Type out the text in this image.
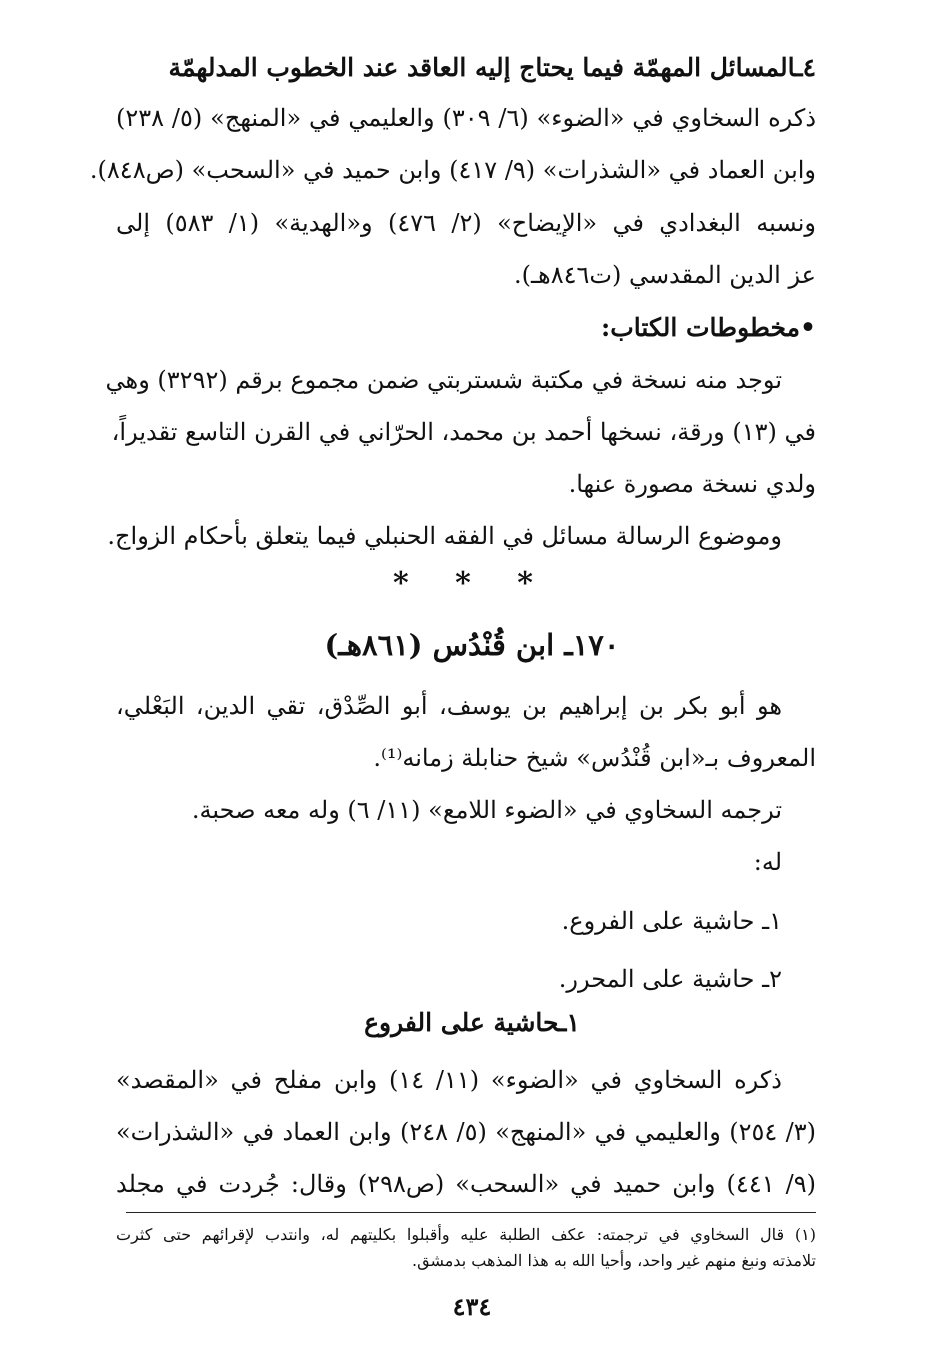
٤ـالمسائل المهمّة فيما يحتاج إليه العاقد عند الخطوب المدلهمّة
ذكره السخاوي في «الضوء» (٦/ ٣٠٩) والعليمي في «المنهج» (٥/ ٢٣٨)
وابن العماد في «الشذرات» (٩/ ٤١٧) وابن حميد في «السحب» (ص٨٤٨).
ونسبه البغدادي في «الإيضاح» (٢/ ٤٧٦) و«الهدية» (١/ ٥٨٣) إلى
عز الدين المقدسي (ت٨٤٦هـ).
•مخطوطات الكتاب:
توجد منه نسخة في مكتبة شستربتي ضمن مجموع برقم (٣٢٩٢) وهي
في (١٣) ورقة، نسخها أحمد بن محمد، الحرّاني في القرن التاسع تقديراً،
ولدي نسخة مصورة عنها.
وموضوع الرسالة مسائل في الفقه الحنبلي فيما يتعلق بأحكام الزواج.
* * *
١٧٠ـ ابن قُنْدُس (٨٦١هـ)
هو أبو بكر بن إبراهيم بن يوسف، أبو الصِّدْق، تقي الدين، البَعْلي،
المعروف بـ«ابن قُنْدُس» شيخ حنابلة زمانه⁽¹⁾.
ترجمه السخاوي في «الضوء اللامع» (١١/ ٦) وله معه صحبة.
له:
١ـ حاشية على الفروع.
٢ـ حاشية على المحرر.
١ـحاشية على الفروع
ذكره السخاوي في «الضوء» (١١/ ١٤) وابن مفلح في «المقصد»
(٣/ ٢٥٤) والعليمي في «المنهج» (٥/ ٢٤٨) وابن العماد في «الشذرات»
(٩/ ٤٤١) وابن حميد في «السحب» (ص٢٩٨) وقال: جُردت في مجلد
(١) قال السخاوي في ترجمته: عكف الطلبة عليه وأقبلوا بكليتهم له، وانتدب لإقرائهم حتى كثرت
تلامذته ونبغ منهم غير واحد، وأحيا الله به هذا المذهب بدمشق.
٤٣٤
